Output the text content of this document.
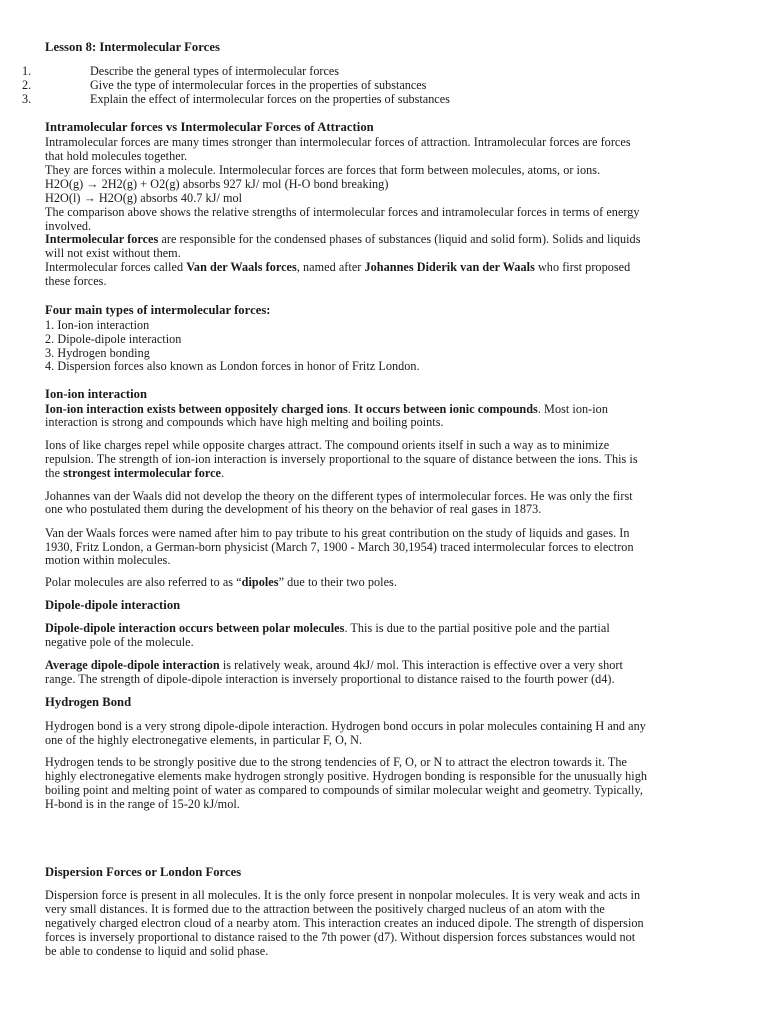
Lesson 8: Intermolecular Forces
1.	Describe the general types of intermolecular forces
2.	Give the type of intermolecular forces in the properties of substances
3.	Explain the effect of intermolecular forces on the properties of substances
Intramolecular forces vs Intermolecular Forces of Attraction
Intramolecular forces are many times stronger than intermolecular forces of attraction. Intramolecular forces are forces
that hold molecules together.
They are forces within a molecule. Intermolecular forces are forces that form between molecules, atoms, or ions.
H2O(g) → 2H2(g) + O2(g) absorbs 927 kJ/ mol (H-O bond breaking)
H2O(l) → H2O(g) absorbs 40.7 kJ/ mol
The comparison above shows the relative strengths of intermolecular forces and intramolecular forces in terms of energy
involved.
Intermolecular forces are responsible for the condensed phases of substances (liquid and solid form). Solids and liquids
will not exist without them.
Intermolecular forces called Van der Waals forces, named after Johannes Diderik van der Waals who first proposed
these forces.
Four main types of intermolecular forces:
1. Ion-ion interaction
2. Dipole-dipole interaction
3. Hydrogen bonding
4. Dispersion forces also known as London forces in honor of Fritz London.
Ion-ion interaction
Ion-ion interaction exists between oppositely charged ions. It occurs between ionic compounds. Most ion-ion
interaction is strong and compounds which have high melting and boiling points.
Ions of like charges repel while opposite charges attract. The compound orients itself in such a way as to minimize
repulsion. The strength of ion-ion interaction is inversely proportional to the square of distance between the ions. This is
the strongest intermolecular force.
Johannes van der Waals did not develop the theory on the different types of intermolecular forces. He was only the first
one who postulated them during the development of his theory on the behavior of real gases in 1873.
Van der Waals forces were named after him to pay tribute to his great contribution on the study of liquids and gases. In
1930, Fritz London, a German-born physicist (March 7, 1900 - March 30,1954) traced intermolecular forces to electron
motion within molecules.
Polar molecules are also referred to as “dipoles” due to their two poles.
Dipole-dipole interaction
Dipole-dipole interaction occurs between polar molecules. This is due to the partial positive pole and the partial
negative pole of the molecule.
Average dipole-dipole interaction is relatively weak, around 4kJ/ mol. This interaction is effective over a very short
range. The strength of dipole-dipole interaction is inversely proportional to distance raised to the fourth power (d4).
Hydrogen Bond
Hydrogen bond is a very strong dipole-dipole interaction. Hydrogen bond occurs in polar molecules containing H and any
one of the highly electronegative elements, in particular F, O, N.
Hydrogen tends to be strongly positive due to the strong tendencies of F, O, or N to attract the electron towards it. The
highly electronegative elements make hydrogen strongly positive. Hydrogen bonding is responsible for the unusually high
boiling point and melting point of water as compared to compounds of similar molecular weight and geometry. Typically,
H-bond is in the range of 15-20 kJ/mol.
Dispersion Forces or London Forces
Dispersion force is present in all molecules. It is the only force present in nonpolar molecules. It is very weak and acts in
very small distances. It is formed due to the attraction between the positively charged nucleus of an atom with the
negatively charged electron cloud of a nearby atom. This interaction creates an induced dipole. The strength of dispersion
forces is inversely proportional to distance raised to the 7th power (d7). Without dispersion forces substances would not
be able to condense to liquid and solid phase.
